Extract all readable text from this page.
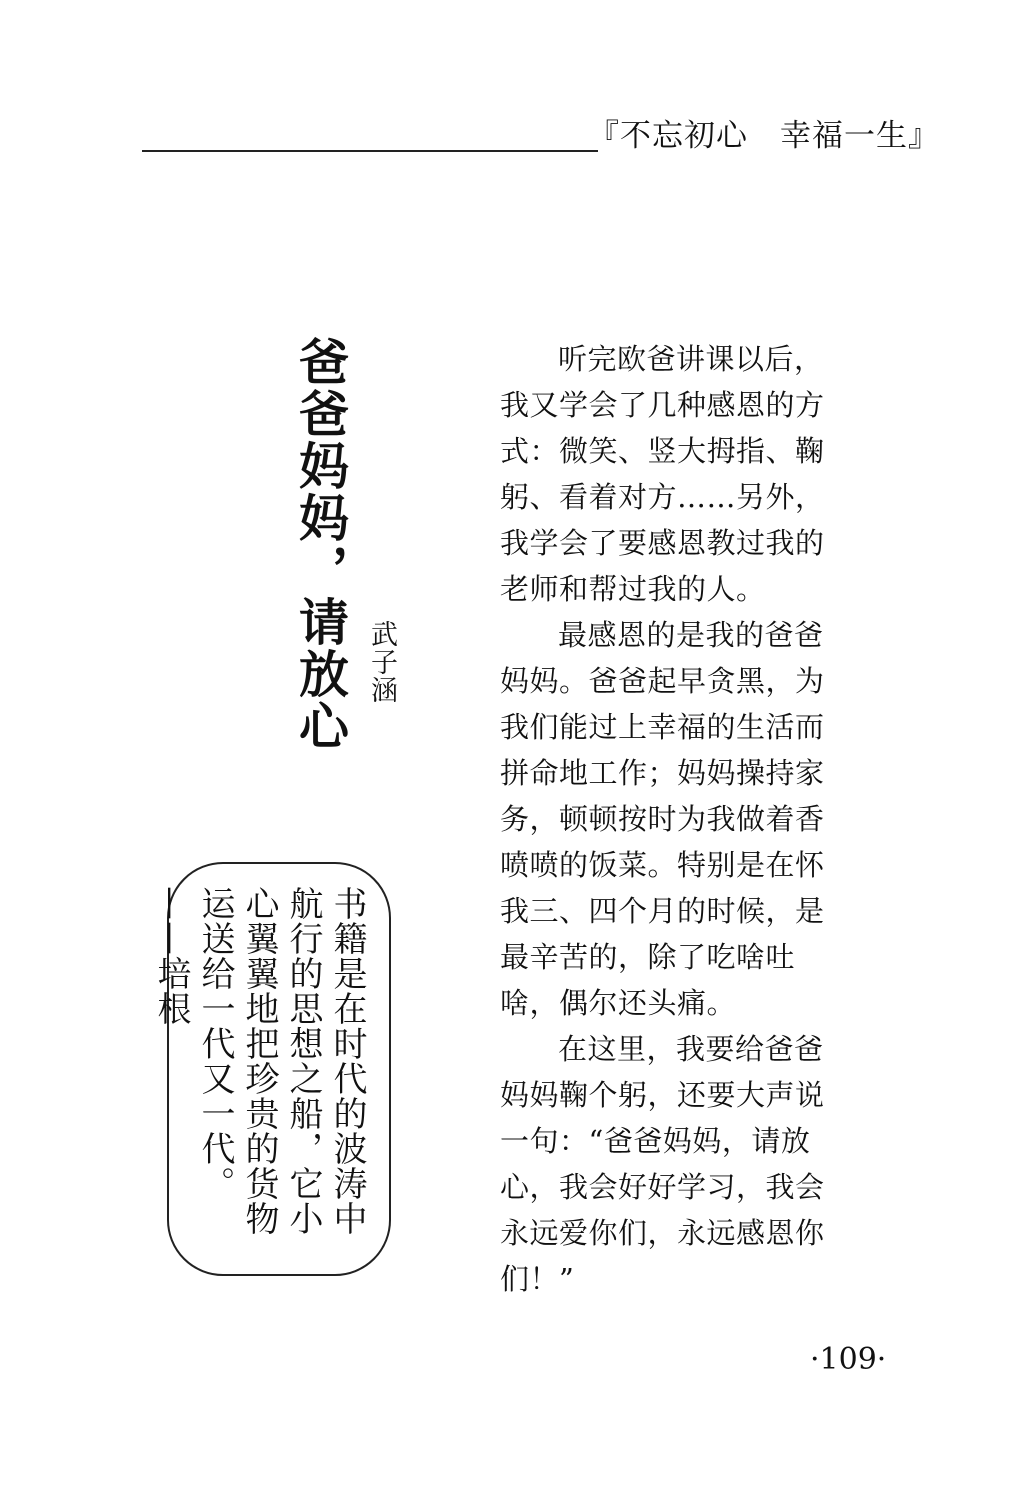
『不忘初心　幸福一生』
爸爸妈妈，请放心 武子涵

听完欧爸讲课以后，我又学会了几种感恩的方式：微笑、竖大拇指、鞠躬、看着对方……另外，我学会了要感恩教过我的老师和帮过我的人。

最感恩的是我的爸爸妈妈。爸爸起早贪黑，为我们能过上幸福的生活而拼命地工作；妈妈操持家务，顿顿按时为我做着香喷喷的饭菜。特别是在怀我三、四个月的时候，是最辛苦的，除了吃啥吐啥，偶尔还头痛。

在这里，我要给爸爸妈妈鞠个躬，还要大声说一句：“爸爸妈妈，请放心，我会好好学习，我会永远爱你们，永远感恩你们！”

书籍是在时代的波涛中航行的思想之船，它小心翼翼地把珍贵的货物运送给一代又一代。——培根
·109·
